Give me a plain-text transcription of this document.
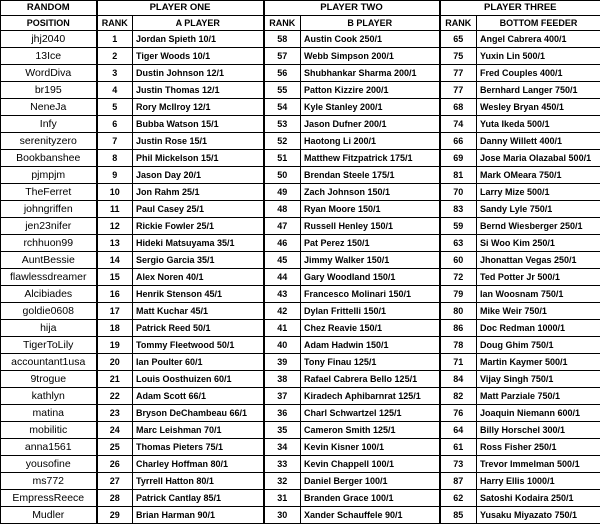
RANDOM	PLAYER ONE		PLAYER TWO		PLAYER THREE	
POSITION	RANK	A PLAYER	RANK	B PLAYER	RANK	BOTTOM FEEDER
jhj2040	1	Jordan Spieth 10/1	58	Austin Cook 250/1	65	Angel Cabrera 400/1
13Ice	2	Tiger Woods 10/1	57	Webb Simpson 200/1	75	Yuxin Lin 500/1
WordDiva	3	Dustin Johnson 12/1	56	Shubhankar Sharma 200/1	77	Fred Couples 400/1
br195	4	Justin Thomas 12/1	55	Patton Kizzire 200/1	77	Bernhard Langer 750/1
NeneJa	5	Rory McIlroy 12/1	54	Kyle Stanley 200/1	68	Wesley Bryan 450/1
Infy	6	Bubba Watson 15/1	53	Jason Dufner 200/1	74	Yuta Ikeda 500/1
serenityzero	7	Justin Rose 15/1	52	Haotong Li 200/1	66	Danny Willett 400/1
Bookbanshee	8	Phil Mickelson 15/1	51	Matthew Fitzpatrick 175/1	69	Jose Maria Olazabal 500/1
pjmpjm	9	Jason Day 20/1	50	Brendan Steele 175/1	81	Mark OMeara 750/1
TheFerret	10	Jon Rahm 25/1	49	Zach Johnson 150/1	70	Larry Mize 500/1
johngriffen	11	Paul Casey 25/1	48	Ryan Moore 150/1	83	Sandy Lyle 750/1
jen23nifer	12	Rickie Fowler 25/1	47	Russell Henley 150/1	59	Bernd Wiesberger 250/1
rchhuon99	13	Hideki Matsuyama 35/1	46	Pat Perez 150/1	63	Si Woo Kim 250/1
AuntBessie	14	Sergio Garcia 35/1	45	Jimmy Walker 150/1	60	Jhonattan Vegas 250/1
flawlessdreamer	15	Alex Noren 40/1	44	Gary Woodland 150/1	72	Ted Potter Jr 500/1
Alcibiades	16	Henrik Stenson 45/1	43	Francesco Molinari 150/1	79	Ian Woosnam 750/1
goldie0608	17	Matt Kuchar 45/1	42	Dylan Frittelli 150/1	80	Mike Weir 750/1
hija	18	Patrick Reed 50/1	41	Chez Reavie 150/1	86	Doc Redman 1000/1
TigerToLily	19	Tommy Fleetwood 50/1	40	Adam Hadwin 150/1	78	Doug Ghim 750/1
accountant1usa	20	Ian Poulter 60/1	39	Tony Finau 125/1	71	Martin Kaymer 500/1
9trogue	21	Louis Oosthuizen 60/1	38	Rafael Cabrera Bello 125/1	84	Vijay Singh 750/1
kathlyn	22	Adam Scott 66/1	37	Kiradech Aphibarnrat 125/1	82	Matt Parziale 750/1
matina	23	Bryson DeChambeau 66/1	36	Charl Schwartzel 125/1	76	Joaquin Niemann 600/1
mobilitic	24	Marc Leishman 70/1	35	Cameron Smith 125/1	64	Billy Horschel 300/1
anna1561	25	Thomas Pieters 75/1	34	Kevin Kisner 100/1	61	Ross Fisher 250/1
yousofine	26	Charley Hoffman 80/1	33	Kevin Chappell 100/1	73	Trevor Immelman 500/1
ms772	27	Tyrrell Hatton 80/1	32	Daniel Berger 100/1	87	Harry Ellis 1000/1
EmpressReece	28	Patrick Cantlay 85/1	31	Branden Grace 100/1	62	Satoshi Kodaira 250/1
Mudler	29	Brian Harman 90/1	30	Xander Schauffele 90/1	85	Yusaku Miyazato 750/1
